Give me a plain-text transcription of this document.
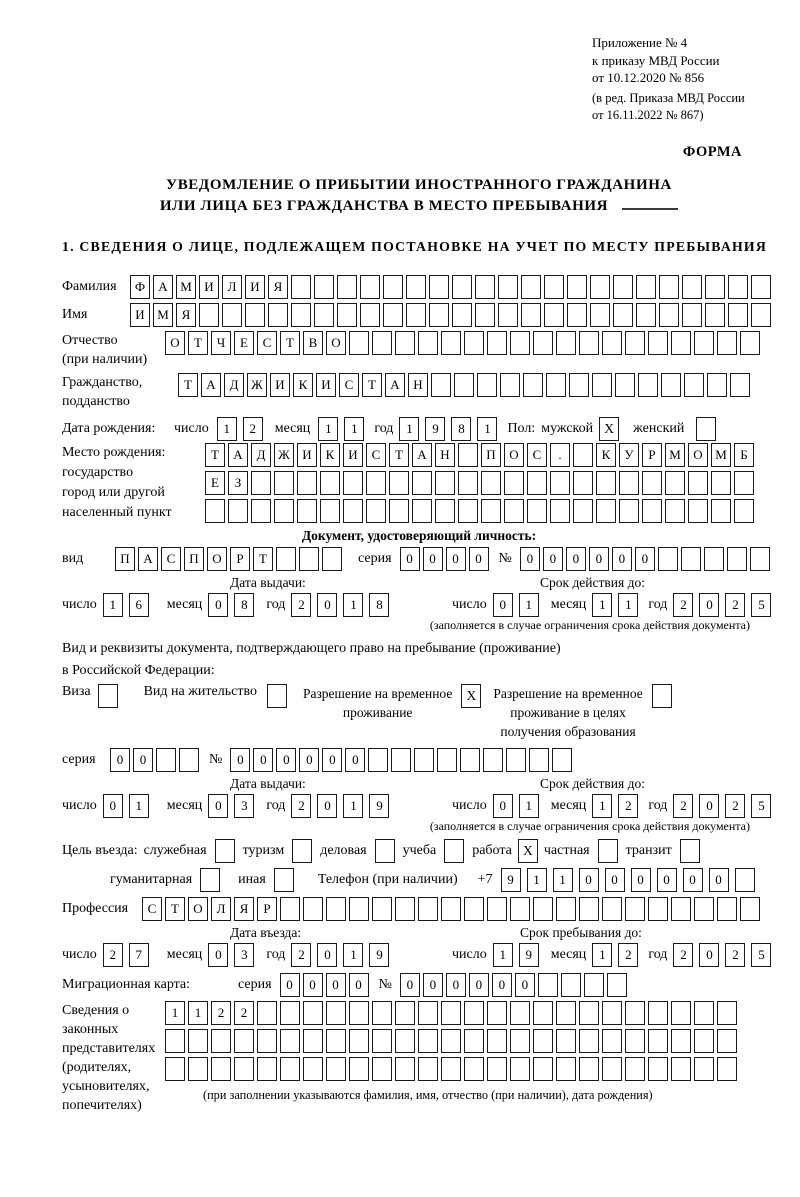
Приложение № 4
к приказу МВД России
от 10.12.2020 № 856
(в ред. Приказа МВД России
от 16.11.2022 № 867)
ФОРМА
УВЕДОМЛЕНИЕ О ПРИБЫТИИ ИНОСТРАННОГО ГРАЖДАНИНА
ИЛИ ЛИЦА БЕЗ ГРАЖДАНСТВА В МЕСТО ПРЕБЫВАНИЯ
1. СВЕДЕНИЯ О ЛИЦЕ, ПОДЛЕЖАЩЕМ ПОСТАНОВКЕ НА УЧЕТ ПО МЕСТУ ПРЕБЫВАНИЯ
Фамилия	Ф	А М И	Л	И	Я
Имя	И М Я
Отчество
(при наличии)
О	Т	Ч	Е	С	Т	В	О
Гражданство,
подданство
Т	А	Д Ж И	К	И	С	Т	А	Н
Дата рождения:	число	1	2	месяц	1	1	год 1	9	8	1	Пол: мужской X	женский
Место рождения:
государство
город или другой
населенный пункт
Т	А	Д Ж И	К	И	С	Т	А	Н	П	О	С	.	К	У	Р	М О М	Б
Е	З
Документ, удостоверяющий личность:
вид	П	А	С	П	О	Р	Т	серия	0	0	0	0	№	0	0	0	0	0	0
Дата выдачи:	Срок действия до:
число 1	6	месяц 0	8	год 2	0	1	8	число 0	1	месяц 1	1	год 2	0	2	5
(заполняется в случае ограничения срока действия документа)
Вид и реквизиты документа, подтверждающего право на пребывание (проживание)
в Российской Федерации:
Виза	Вид на жительство	Разрешение на временное
проживание
X	Разрешение на временное
проживание в целях
получения образования
серия	0	0	№	0	0	0	0	0	0
Дата выдачи:	Срок действия до:
число 0	1	месяц 0	3	год 2	0	1	9	число 0	1	месяц 1	2	год 2	0	2	5
(заполняется в случае ограничения срока действия документа)
Цель въезда: служебная	туризм	деловая	учеба	работа X частная	транзит
гуманитарная	иная	Телефон (при наличии) +7	9	1	1	0	0	0	0	0	0
Профессия	С	Т	О	Л	Я	Р
Дата въезда:	Срок пребывания до:
число 2	7	месяц 0	3	год 2	0	1	9	число 1	9	месяц 1	2	год 2	0	2	5
Миграционная карта:	серия	0	0	0	0	№	0	0	0	0	0	0
Сведения о
законных
представителях
(родителях,
усыновителях,
попечителях)
1	1	2	2
(при заполнении указываются фамилия, имя, отчество (при наличии), дата рождения)
